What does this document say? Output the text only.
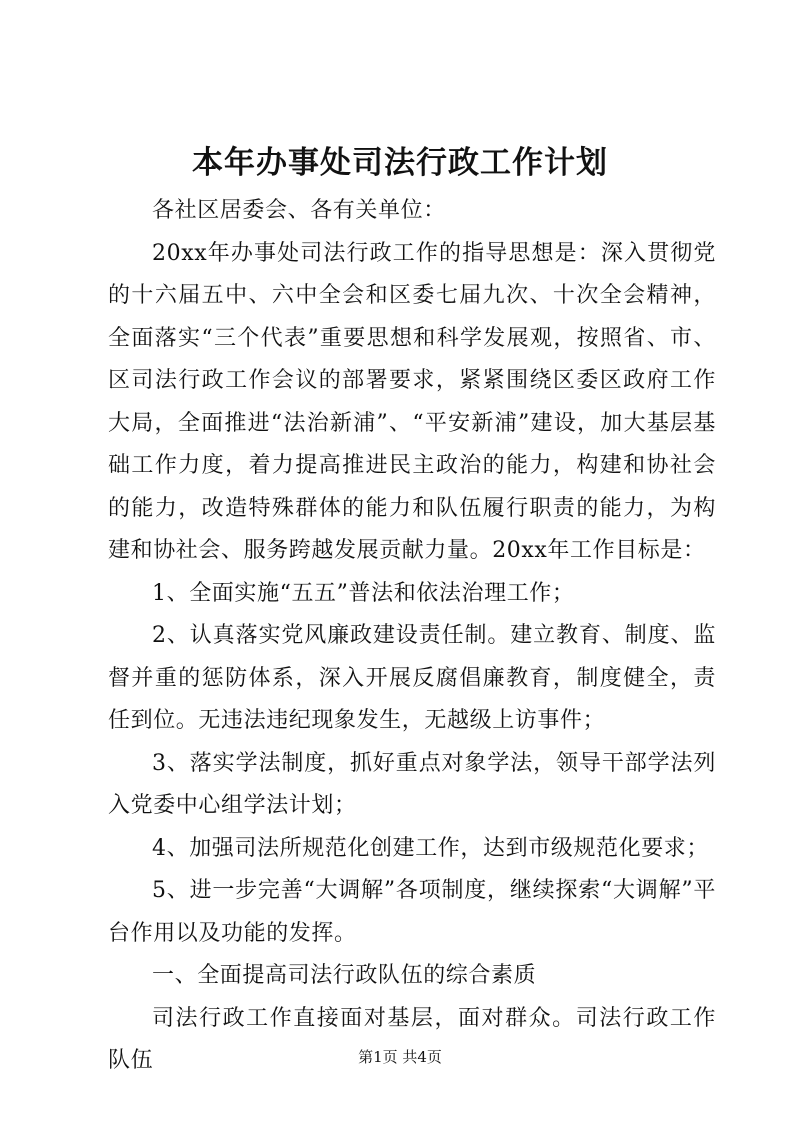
本年办事处司法行政工作计划

各社区居委会、各有关单位：

20xx年办事处司法行政工作的指导思想是：深入贯彻党的十六届五中、六中全会和区委七届九次、十次全会精神，全面落实“三个代表”重要思想和科学发展观，按照省、市、区司法行政工作会议的部署要求，紧紧围绕区委区政府工作大局，全面推进“法治新浦”、“平安新浦”建设，加大基层基础工作力度，着力提高推进民主政治的能力，构建和协社会的能力，改造特殊群体的能力和队伍履行职责的能力，为构建和协社会、服务跨越发展贡献力量。20xx年工作目标是：

1、全面实施“五五”普法和依法治理工作；

2、认真落实党风廉政建设责任制。建立教育、制度、监督并重的惩防体系，深入开展反腐倡廉教育，制度健全，责任到位。无违法违纪现象发生，无越级上访事件；

3、落实学法制度，抓好重点对象学法，领导干部学法列入党委中心组学法计划；

4、加强司法所规范化创建工作，达到市级规范化要求；

5、进一步完善“大调解”各项制度，继续探索“大调解”平台作用以及功能的发挥。

一、全面提高司法行政队伍的综合素质

司法行政工作直接面对基层，面对群众。司法行政工作队伍	第1页 共4页
